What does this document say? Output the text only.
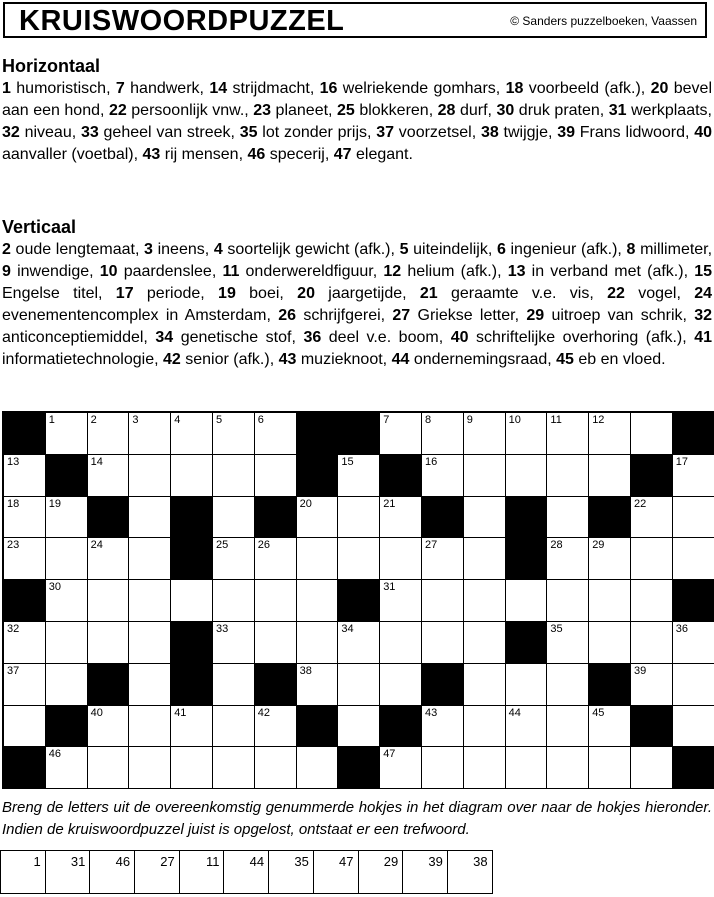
KRUISWOORDPUZZEL	© Sanders puzzelboeken, Vaassen
Horizontaal

1 humoristisch, 7 handwerk, 14 strijdmacht, 16 welriekende gomhars, 18 voorbeeld (afk.), 20 bevel aan een hond, 22 persoonlijk vnw., 23 planeet, 25 blokkeren, 28 durf, 30 druk praten, 31 werkplaats, 32 niveau, 33 geheel van streek, 35 lot zonder prijs, 37 voorzetsel, 38 twijgje, 39 Frans lidwoord, 40 aanvaller (voetbal), 43 rij mensen, 46 specerij, 47 elegant.

Verticaal

2 oude lengtemaat, 3 ineens, 4 soortelijk gewicht (afk.), 5 uiteindelijk, 6 ingenieur (afk.), 8 millimeter, 9 inwendige, 10 paardenslee, 11 onderwereldfiguur, 12 helium (afk.), 13 in verband met (afk.), 15 Engelse titel, 17 periode, 19 boei, 20 jaargetijde, 21 geraamte v.e. vis, 22 vogel, 24 evenementencomplex in Amsterdam, 26 schrijfgerei, 27 Griekse letter, 29 uitroep van schrik, 32 anticonceptiemiddel, 34 genetische stof, 36 deel v.e. boom, 40 schriftelijke overhoring (afk.), 41 informatietechnologie, 42 senior (afk.), 43 muzieknoot, 44 ondernemingsraad, 45 eb en vloed.

1	2	3	4	5	6	7	8	9	10	11	12
13	14	15	16	17
18	19	20	21	22
23	24	25	26	27	28	29
30	31
32	33	34	35	36
37	38	39
40	41	42	43	44	45
46	47
Breng de letters uit de overeenkomstig genummerde hokjes in het diagram over naar de hokjes hieronder. Indien de kruiswoordpuzzel juist is opgelost, ontstaat er een trefwoord.
1 31 46 27 11 44 35 47 29 39 38
